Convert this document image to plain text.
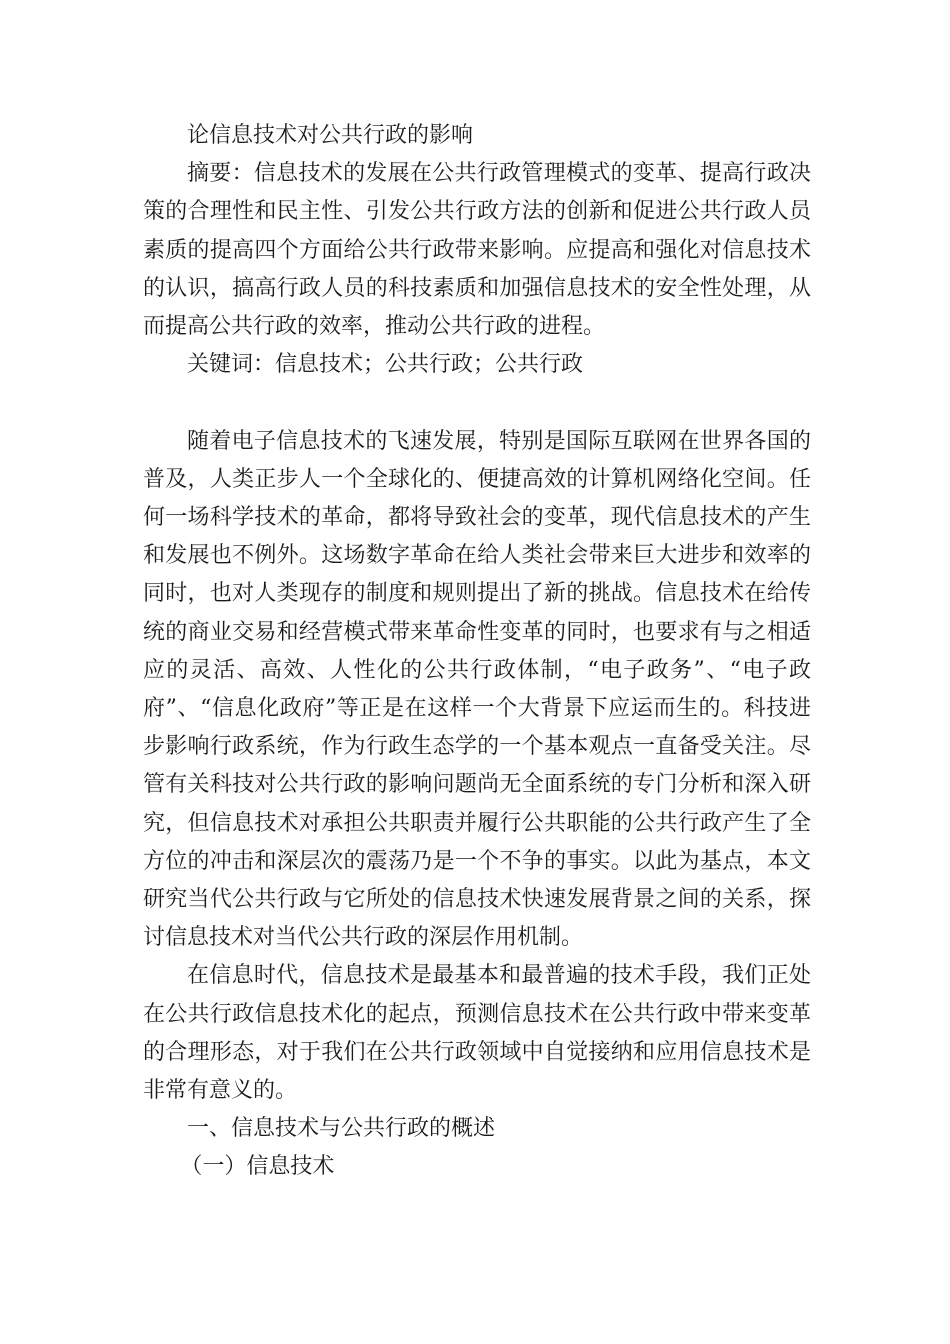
论信息技术对公共行政的影响

摘要：信息技术的发展在公共行政管理模式的变革、提高行政决策的合理性和民主性、引发公共行政方法的创新和促进公共行政人员素质的提高四个方面给公共行政带来影响。应提高和强化对信息技术的认识，搞高行政人员的科技素质和加强信息技术的安全性处理，从而提高公共行政的效率，推动公共行政的进程。

关键词：信息技术；公共行政；公共行政

随着电子信息技术的飞速发展，特别是国际互联网在世界各国的普及，人类正步人一个全球化的、便捷高效的计算机网络化空间。任何一场科学技术的革命，都将导致社会的变革，现代信息技术的产生和发展也不例外。这场数字革命在给人类社会带来巨大进步和效率的同时，也对人类现存的制度和规则提出了新的挑战。信息技术在给传统的商业交易和经营模式带来革命性变革的同时，也要求有与之相适应的灵活、高效、人性化的公共行政体制，“电子政务”、“电子政府”、“信息化政府”等正是在这样一个大背景下应运而生的。科技进步影响行政系统，作为行政生态学的一个基本观点一直备受关注。尽管有关科技对公共行政的影响问题尚无全面系统的专门分析和深入研究，但信息技术对承担公共职责并履行公共职能的公共行政产生了全方位的冲击和深层次的震荡乃是一个不争的事实。以此为基点，本文研究当代公共行政与它所处的信息技术快速发展背景之间的关系，探讨信息技术对当代公共行政的深层作用机制。

在信息时代，信息技术是最基本和最普遍的技术手段，我们正处在公共行政信息技术化的起点，预测信息技术在公共行政中带来变革的合理形态，对于我们在公共行政领域中自觉接纳和应用信息技术是非常有意义的。

一、信息技术与公共行政的概述

（一）信息技术
